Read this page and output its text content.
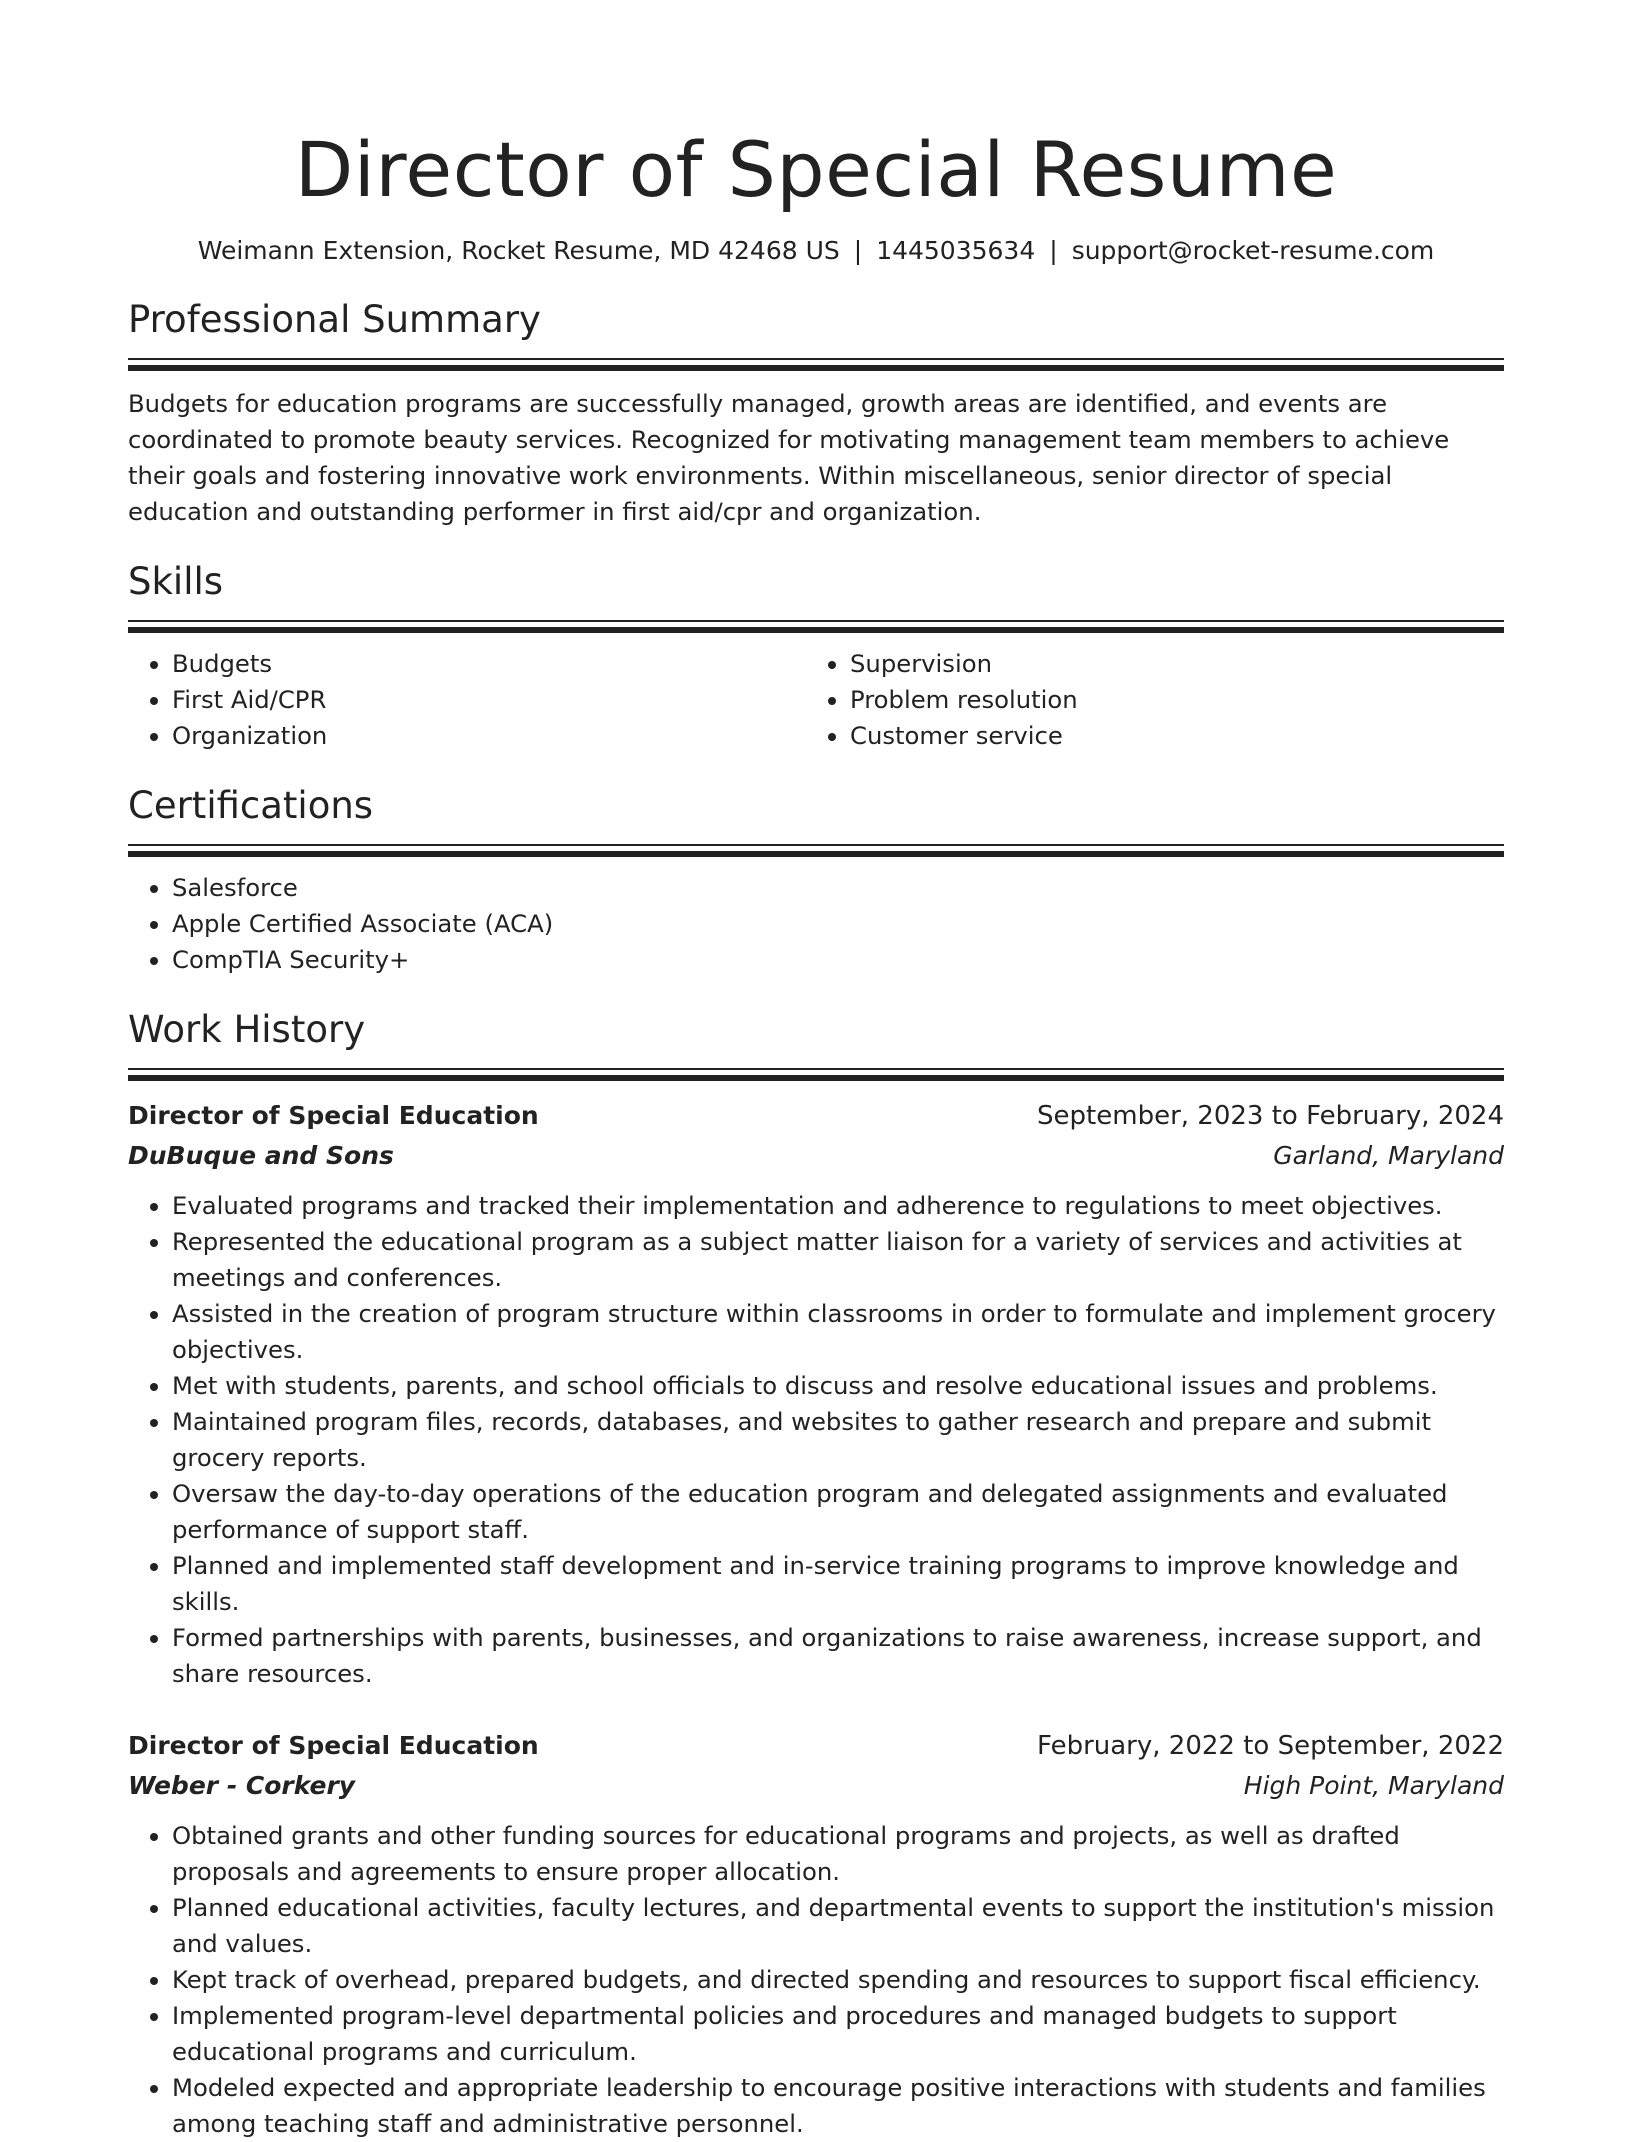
Director of Special Resume
Weimann Extension, Rocket Resume, MD 42468 US | 1445035634 | support@rocket-resume.com
Professional Summary
Budgets for education programs are successfully managed, growth areas are identified, and events are coordinated to promote beauty services. Recognized for motivating management team members to achieve their goals and fostering innovative work environments. Within miscellaneous, senior director of special education and outstanding performer in first aid/cpr and organization.
Skills
• Budgets
• First Aid/CPR
• Organization
• Supervision
• Problem resolution
• Customer service
Certifications
• Salesforce
• Apple Certified Associate (ACA)
• CompTIA Security+
Work History
Director of Special Education	September, 2023 to February, 2024
DuBuque and Sons	Garland, Maryland
• Evaluated programs and tracked their implementation and adherence to regulations to meet objectives.
• Represented the educational program as a subject matter liaison for a variety of services and activities at meetings and conferences.
• Assisted in the creation of program structure within classrooms in order to formulate and implement grocery objectives.
• Met with students, parents, and school officials to discuss and resolve educational issues and problems.
• Maintained program files, records, databases, and websites to gather research and prepare and submit grocery reports.
• Oversaw the day-to-day operations of the education program and delegated assignments and evaluated performance of support staff.
• Planned and implemented staff development and in-service training programs to improve knowledge and skills.
• Formed partnerships with parents, businesses, and organizations to raise awareness, increase support, and share resources.
Director of Special Education	February, 2022 to September, 2022
Weber - Corkery	High Point, Maryland
• Obtained grants and other funding sources for educational programs and projects, as well as drafted proposals and agreements to ensure proper allocation.
• Planned educational activities, faculty lectures, and departmental events to support the institution's mission and values.
• Kept track of overhead, prepared budgets, and directed spending and resources to support fiscal efficiency.
• Implemented program-level departmental policies and procedures and managed budgets to support educational programs and curriculum.
• Modeled expected and appropriate leadership to encourage positive interactions with students and families among teaching staff and administrative personnel.
